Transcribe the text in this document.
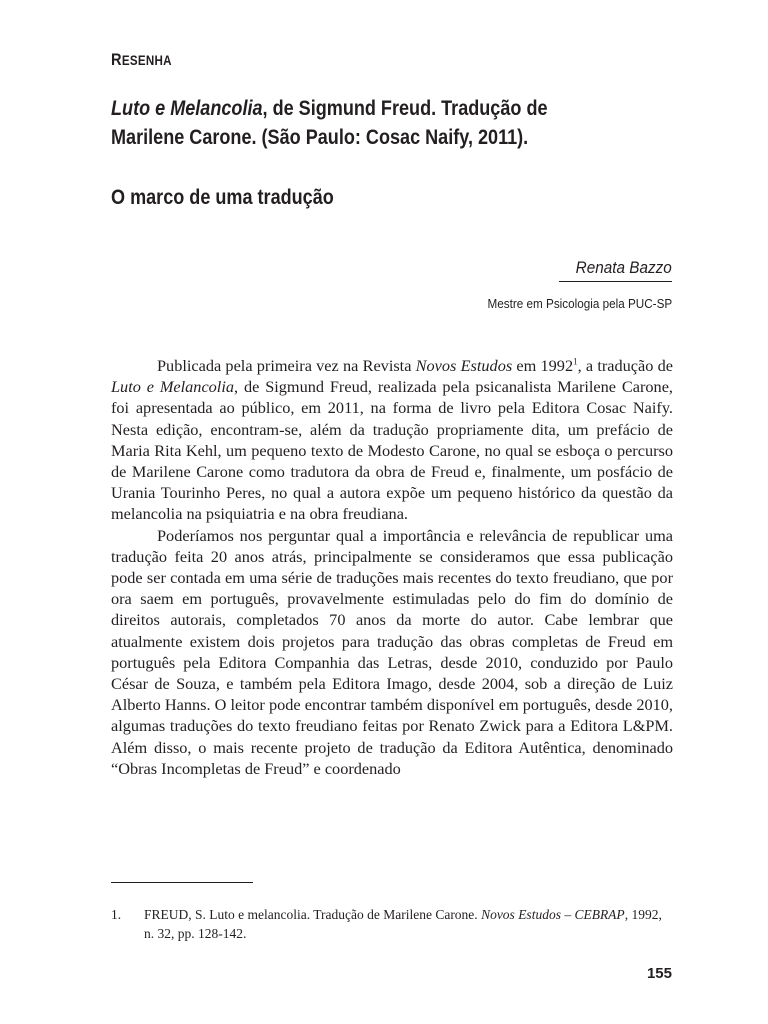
RESENHA
Luto e Melancolia, de Sigmund Freud. Tradução de
Marilene Carone. (São Paulo: Cosac Naify, 2011).
O marco de uma tradução
Renata Bazzo
Mestre em Psicologia pela PUC-SP

Publicada pela primeira vez na Revista Novos Estudos em 1992$^1$, a tradução de Luto e Melancolia, de Sigmund Freud, realizada pela psicanalista Marilene Carone, foi apresentada ao público, em 2011, na forma de livro pela Editora Cosac Naify. Nesta edição, encontram-se, além da tradução propriamente dita, um prefácio de Maria Rita Kehl, um pequeno texto de Modesto Carone, no qual se esboça o percurso de Marilene Carone como tradutora da obra de Freud e, finalmente, um posfácio de Urania Tourinho Peres, no qual a autora expõe um pequeno histórico da questão da melancolia na psiquiatria e na obra freudiana.

Poderíamos nos perguntar qual a importância e relevância de republicar uma tradução feita 20 anos atrás, principalmente se consideramos que essa publicação pode ser contada em uma série de traduções mais recentes do texto freudiano, que por ora saem em português, provavelmente estimuladas pelo do fim do domínio de direitos autorais, completados 70 anos da morte do autor. Cabe lembrar que atualmente existem dois projetos para tradução das obras completas de Freud em português pela Editora Companhia das Letras, desde 2010, conduzido por Paulo César de Souza, e também pela Editora Imago, desde 2004, sob a direção de Luiz Alberto Hanns. O leitor pode encontrar também disponível em português, desde 2010, algumas traduções do texto freudiano feitas por Renato Zwick para a Editora L&PM. Além disso, o mais recente projeto de tradução da Editora Autêntica, denominado “Obras Incompletas de Freud” e coordenado

1.	FREUD, S. Luto e melancolia. Tradução de Marilene Carone. Novos Estudos – CEBRAP, 1992, n. 32, pp. 128-142.
155
